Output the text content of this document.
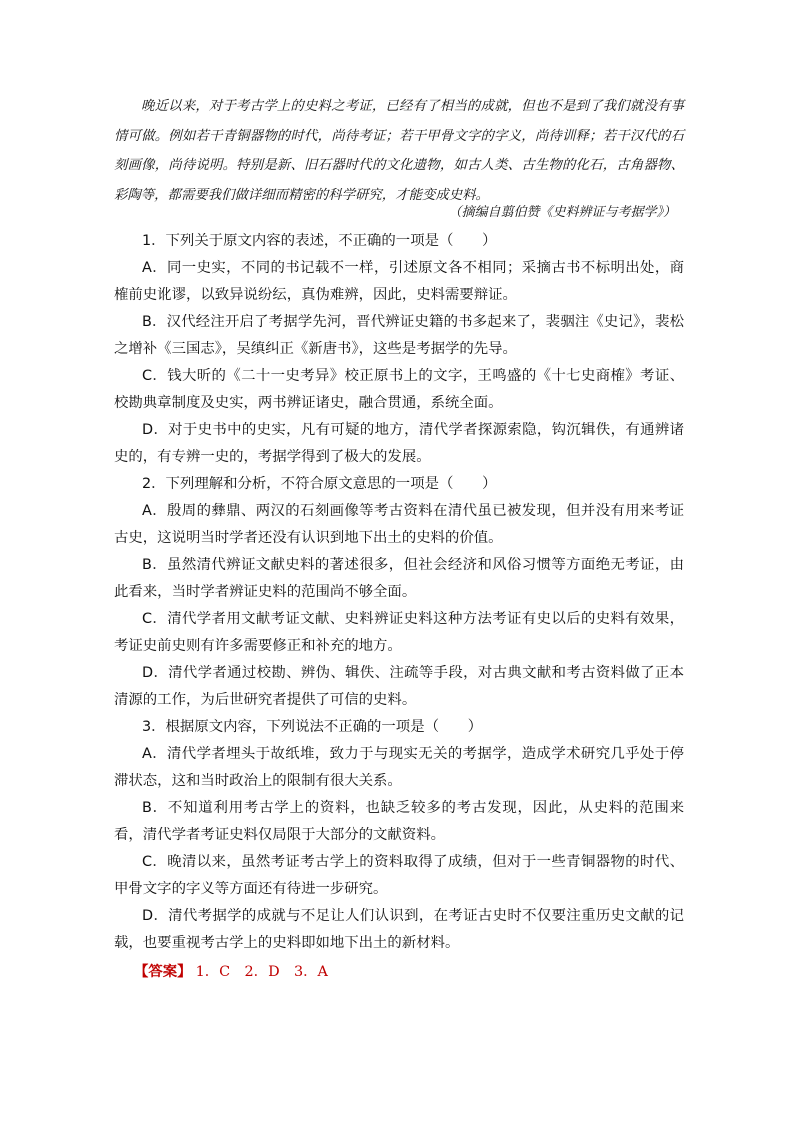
晚近以来，对于考古学上的史料之考证，已经有了相当的成就，但也不是到了我们就没有事情可做。例如若干青铜器物的时代，尚待考证；若干甲骨文字的字义，尚待训释；若干汉代的石刻画像，尚待说明。特别是新、旧石器时代的文化遗物，如古人类、古生物的化石，古角器物、彩陶等，都需要我们做详细而精密的科学研究，才能变成史料。

（摘编自翦伯赞《史料辨证与考据学》）

1．下列关于原文内容的表述，不正确的一项是（　　）

A．同一史实，不同的书记载不一样，引述原文各不相同；采摘古书不标明出处，商榷前史讹谬，以致异说纷纭，真伪难辨，因此，史料需要辩证。

B．汉代经注开启了考据学先河，晋代辨证史籍的书多起来了，裴骃注《史记》，裴松之增补《三国志》，吴缜纠正《新唐书》，这些是考据学的先导。

C．钱大昕的《二十一史考异》校正原书上的文字，王鸣盛的《十七史商榷》考证、校勘典章制度及史实，两书辨证诸史，融合贯通，系统全面。

D．对于史书中的史实，凡有可疑的地方，清代学者探源索隐，钩沉辑佚，有通辨诸史的，有专辨一史的，考据学得到了极大的发展。

2．下列理解和分析，不符合原文意思的一项是（　　）

A．殷周的彝鼎、两汉的石刻画像等考古资料在清代虽已被发现，但并没有用来考证古史，这说明当时学者还没有认识到地下出土的史料的价值。

B．虽然清代辨证文献史料的著述很多，但社会经济和风俗习惯等方面绝无考证，由此看来，当时学者辨证史料的范围尚不够全面。

C．清代学者用文献考证文献、史料辨证史料这种方法考证有史以后的史料有效果，考证史前史则有许多需要修正和补充的地方。

D．清代学者通过校勘、辨伪、辑佚、注疏等手段，对古典文献和考古资料做了正本清源的工作，为后世研究者提供了可信的史料。

3．根据原文内容，下列说法不正确的一项是（　　）

A．清代学者埋头于故纸堆，致力于与现实无关的考据学，造成学术研究几乎处于停滞状态，这和当时政治上的限制有很大关系。

B．不知道利用考古学上的资料，也缺乏较多的考古发现，因此，从史料的范围来看，清代学者考证史料仅局限于大部分的文献资料。

C．晚清以来，虽然考证考古学上的资料取得了成绩，但对于一些青铜器物的时代、甲骨文字的字义等方面还有待进一步研究。

D．清代考据学的成就与不足让人们认识到，在考证古史时不仅要注重历史文献的记载，也要重视考古学上的史料即如地下出土的新材料。

【答案】 1．C　2．D　3．A
